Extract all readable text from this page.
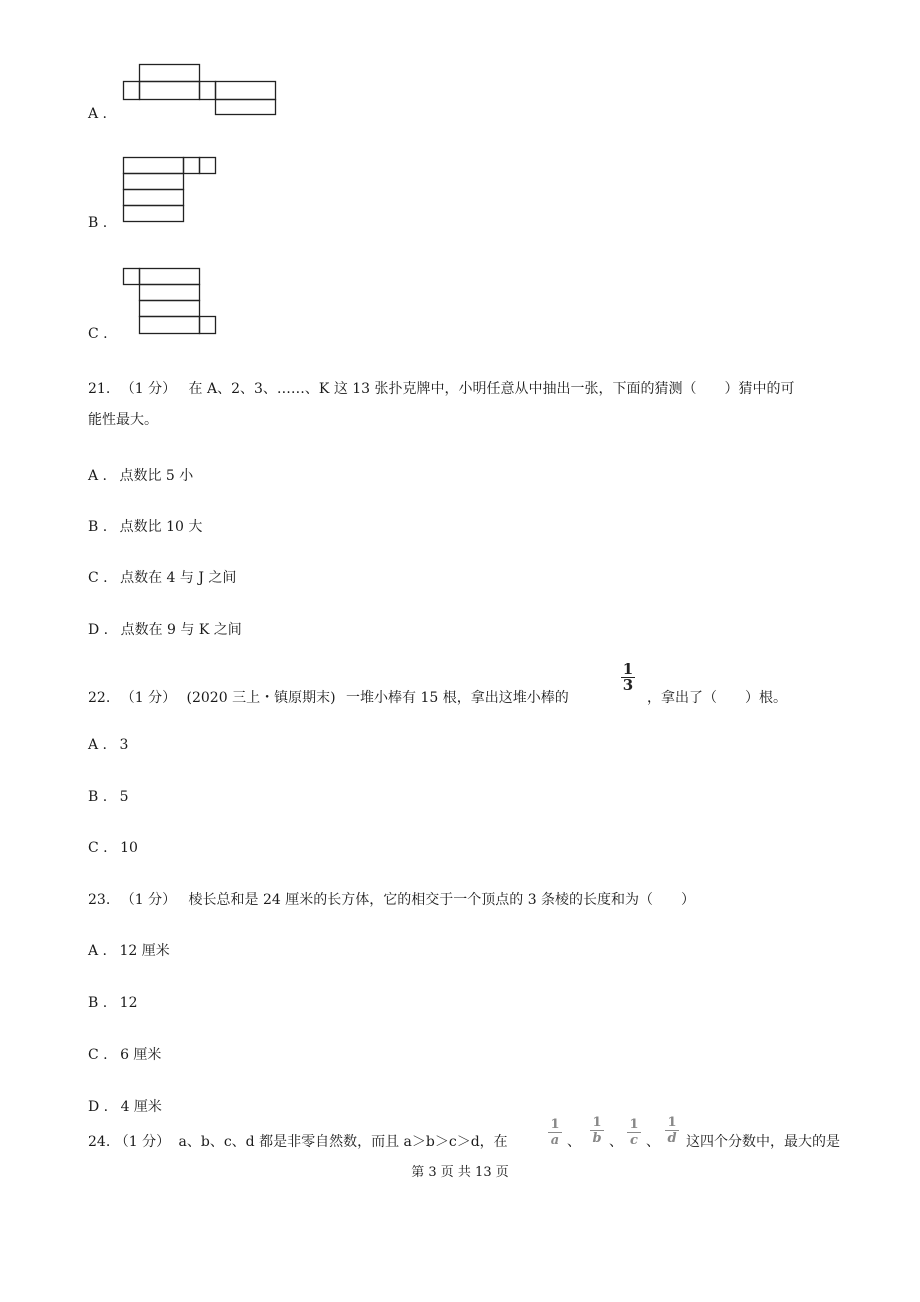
A .
B .
C .
21. （1 分） 在 A、2、3、……、K 这 13 张扑克牌中，小明任意从中抽出一张，下面的猜测（　　）猜中的可
能性最大。
A . 点数比 5 小
B . 点数比 10 大
C . 点数在 4 与 J 之间
D . 点数在 9 与 K 之间
22. （1 分） (2020 三上・镇原期末) 一堆小棒有 15 根，拿出这堆小棒的
1
3
，拿出了（　　）根。
A . 3
B . 5
C . 10
23. （1 分） 棱长总和是 24 厘米的长方体，它的相交于一个顶点的 3 条棱的长度和为（　　）
A . 12 厘米
B . 12
C . 6 厘米
D . 4 厘米
24. （1 分） a、b、c、d 都是非零自然数，而且 a＞b＞c＞d，在
1
a 、
1
b 、
1
c 、
1
d 这四个分数中，最大的是
第 3 页 共 13 页
